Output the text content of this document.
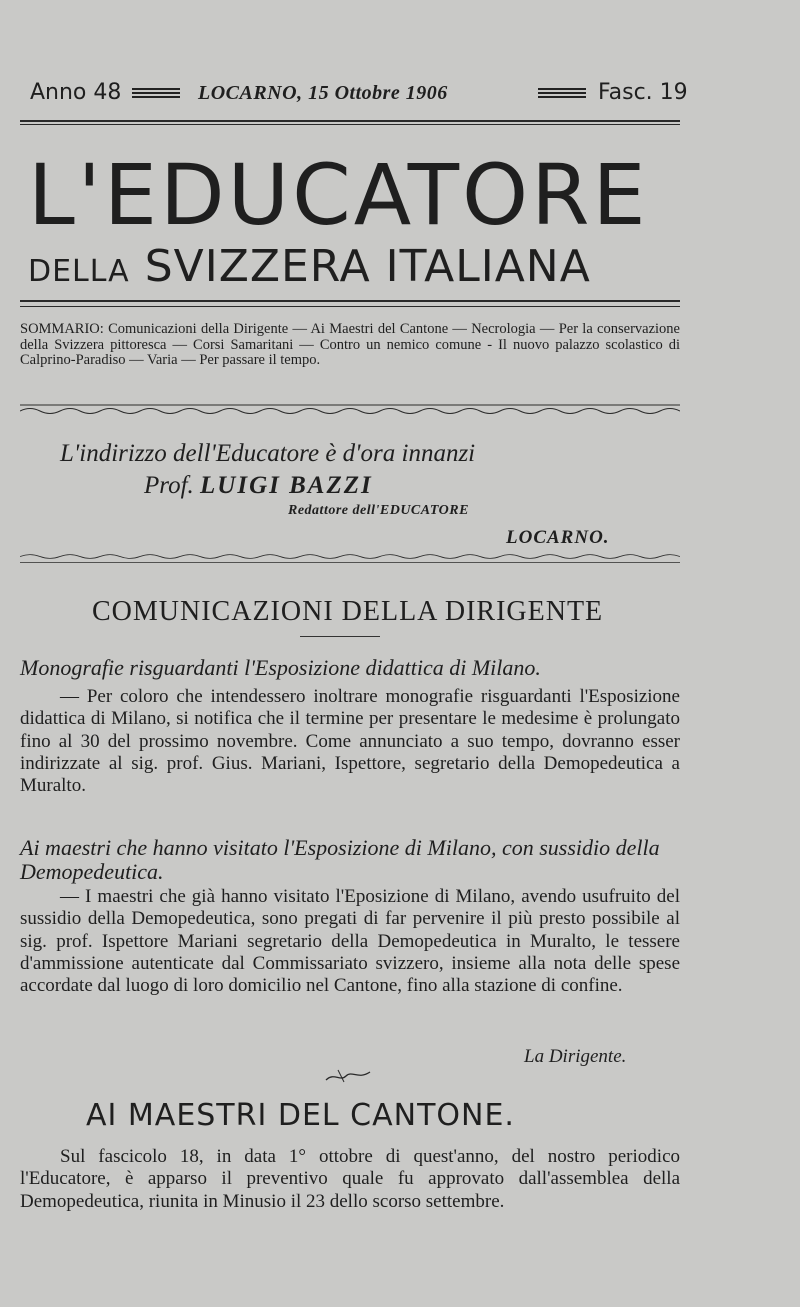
Anno 48	LOCARNO, 15 Ottobre 1906	Fasc. 19
L'EDUCATORE
DELLA SVIZZERA ITALIANA
SOMMARIO: Comunicazioni della Dirigente — Ai Maestri del Cantone — Necrologia — Per la conservazione della Svizzera pittoresca — Corsi Samaritani — Contro un nemico comune - Il nuovo palazzo scolastico di Calprino-Paradiso — Varia — Per passare il tempo.
L'indirizzo dell'Educatore è d'ora innanzi
Prof. LUIGI BAZZI
Redattore dell'EDUCATORE
LOCARNO.
COMUNICAZIONI DELLA DIRIGENTE
Monografie risguardanti l'Esposizione didattica di Milano.

— Per coloro che intendessero inoltrare monografie risguardanti l'Esposizione didattica di Milano, si notifica che il termine per presentare le medesime è prolungato fino al 30 del prossimo novembre. Come annunciato a suo tempo, dovranno esser indirizzate al sig. prof. Gius. Mariani, Ispettore, segretario della Demopedeutica a Muralto.

Ai maestri che hanno visitato l'Esposizione di Milano, con sussidio della Demopedeutica.

— I maestri che già hanno visitato l'Eposizione di Milano, avendo usufruito del sussidio della Demopedeutica, sono pregati di far pervenire il più presto possibile al sig. prof. Ispettore Mariani segretario della Demopedeutica in Muralto, le tessere d'ammissione autenticate dal Commissariato svizzero, insieme alla nota delle spese accordate dal luogo di loro domicilio nel Cantone, fino alla stazione di confine.

La Dirigente.
AI MAESTRI DEL CANTONE.

Sul fascicolo 18, in data 1° ottobre di quest'anno, del nostro periodico l'Educatore, è apparso il preventivo quale fu approvato dall'assemblea della Demopedeutica, riunita in Minusio il 23 dello scorso settembre.
